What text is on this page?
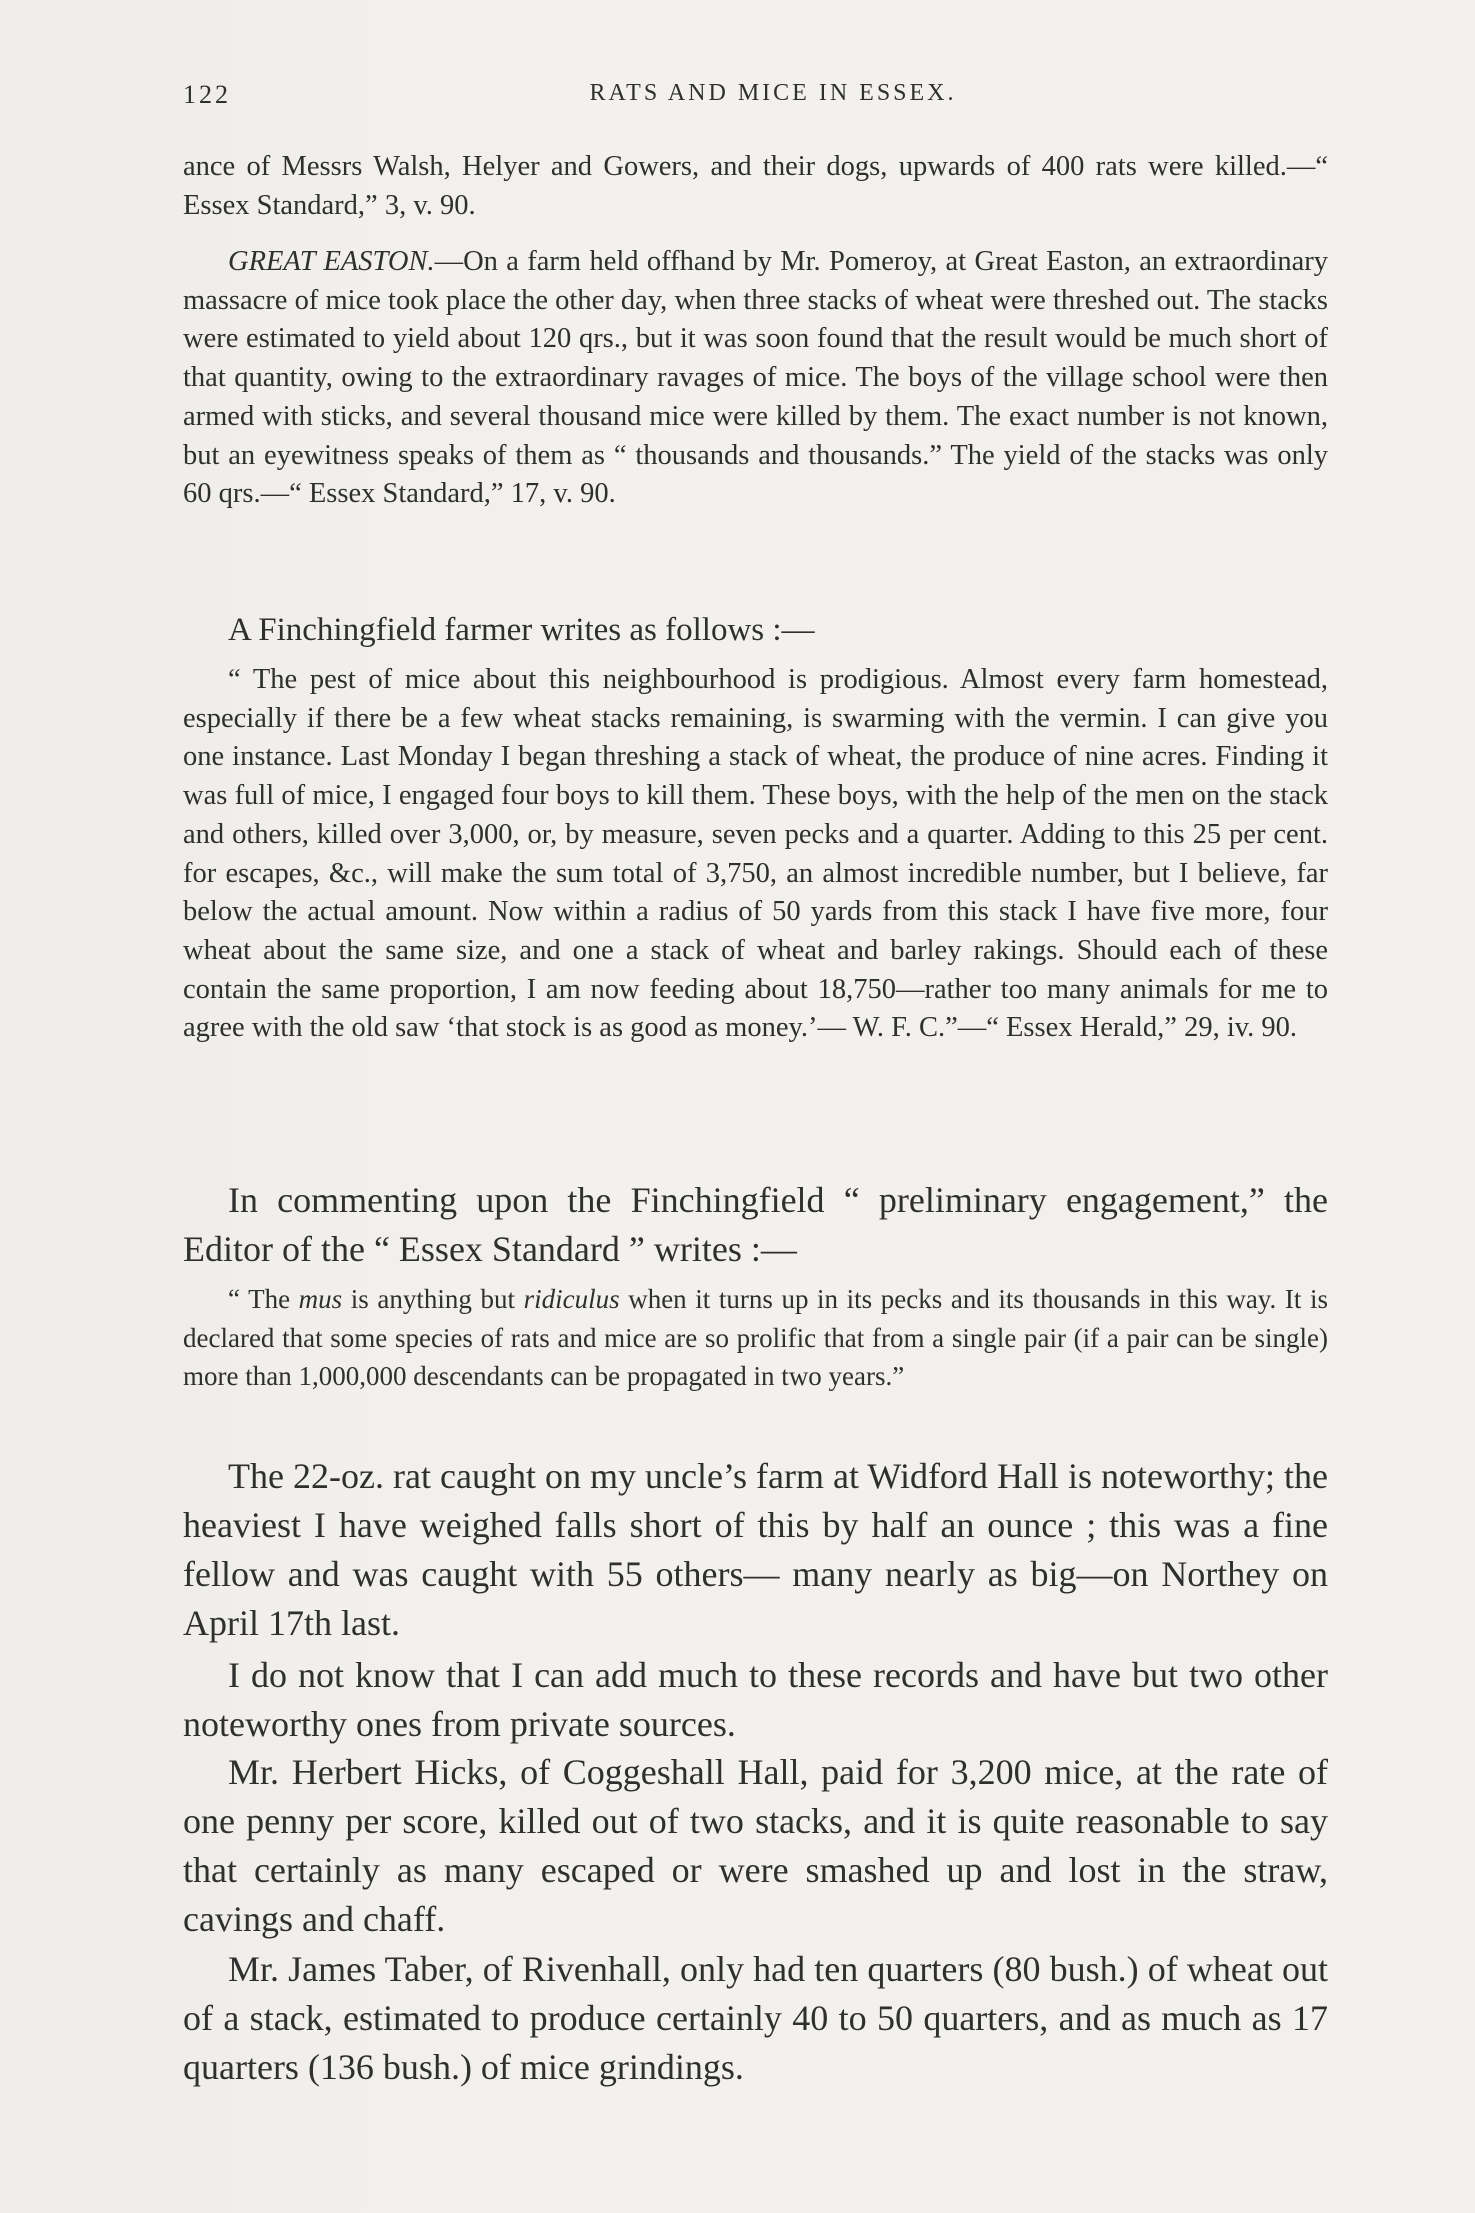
122	RATS AND MICE IN ESSEX.

ance of Messrs Walsh, Helyer and Gowers, and their dogs, upwards of 400 rats were killed.—“ Essex Standard,” 3, v. 90.

GREAT EASTON.—On a farm held offhand by Mr. Pomeroy, at Great Easton, an extraordinary massacre of mice took place the other day, when three stacks of wheat were threshed out. The stacks were estimated to yield about 120 qrs., but it was soon found that the result would be much short of that quantity, owing to the extraordinary ravages of mice. The boys of the village school were then armed with sticks, and several thousand mice were killed by them. The exact number is not known, but an eyewitness speaks of them as “ thousands and thousands.” The yield of the stacks was only 60 qrs.—“ Essex Standard,” 17, v. 90.

A Finchingfield farmer writes as follows :—

“ The pest of mice about this neighbourhood is prodigious. Almost every farm homestead, especially if there be a few wheat stacks remaining, is swarming with the vermin. I can give you one instance. Last Monday I began threshing a stack of wheat, the produce of nine acres. Finding it was full of mice, I engaged four boys to kill them. These boys, with the help of the men on the stack and others, killed over 3,000, or, by measure, seven pecks and a quarter. Adding to this 25 per cent. for escapes, &c., will make the sum total of 3,750, an almost incredible number, but I believe, far below the actual amount. Now within a radius of 50 yards from this stack I have five more, four wheat about the same size, and one a stack of wheat and barley rakings. Should each of these contain the same proportion, I am now feeding about 18,750—rather too many animals for me to agree with the old saw ‘that stock is as good as money.’— W. F. C.”—“ Essex Herald,” 29, iv. 90.

In commenting upon the Finchingfield “ preliminary engagement,” the Editor of the “ Essex Standard ” writes :—

“ The mus is anything but ridiculus when it turns up in its pecks and its thousands in this way. It is declared that some species of rats and mice are so prolific that from a single pair (if a pair can be single) more than 1,000,000 descendants can be propagated in two years.”

The 22-oz. rat caught on my uncle’s farm at Widford Hall is noteworthy; the heaviest I have weighed falls short of this by half an ounce ; this was a fine fellow and was caught with 55 others— many nearly as big—on Northey on April 17th last.

I do not know that I can add much to these records and have but two other noteworthy ones from private sources.

Mr. Herbert Hicks, of Coggeshall Hall, paid for 3,200 mice, at the rate of one penny per score, killed out of two stacks, and it is quite reasonable to say that certainly as many escaped or were smashed up and lost in the straw, cavings and chaff.

Mr. James Taber, of Rivenhall, only had ten quarters (80 bush.) of wheat out of a stack, estimated to produce certainly 40 to 50 quarters, and as much as 17 quarters (136 bush.) of mice grindings.
